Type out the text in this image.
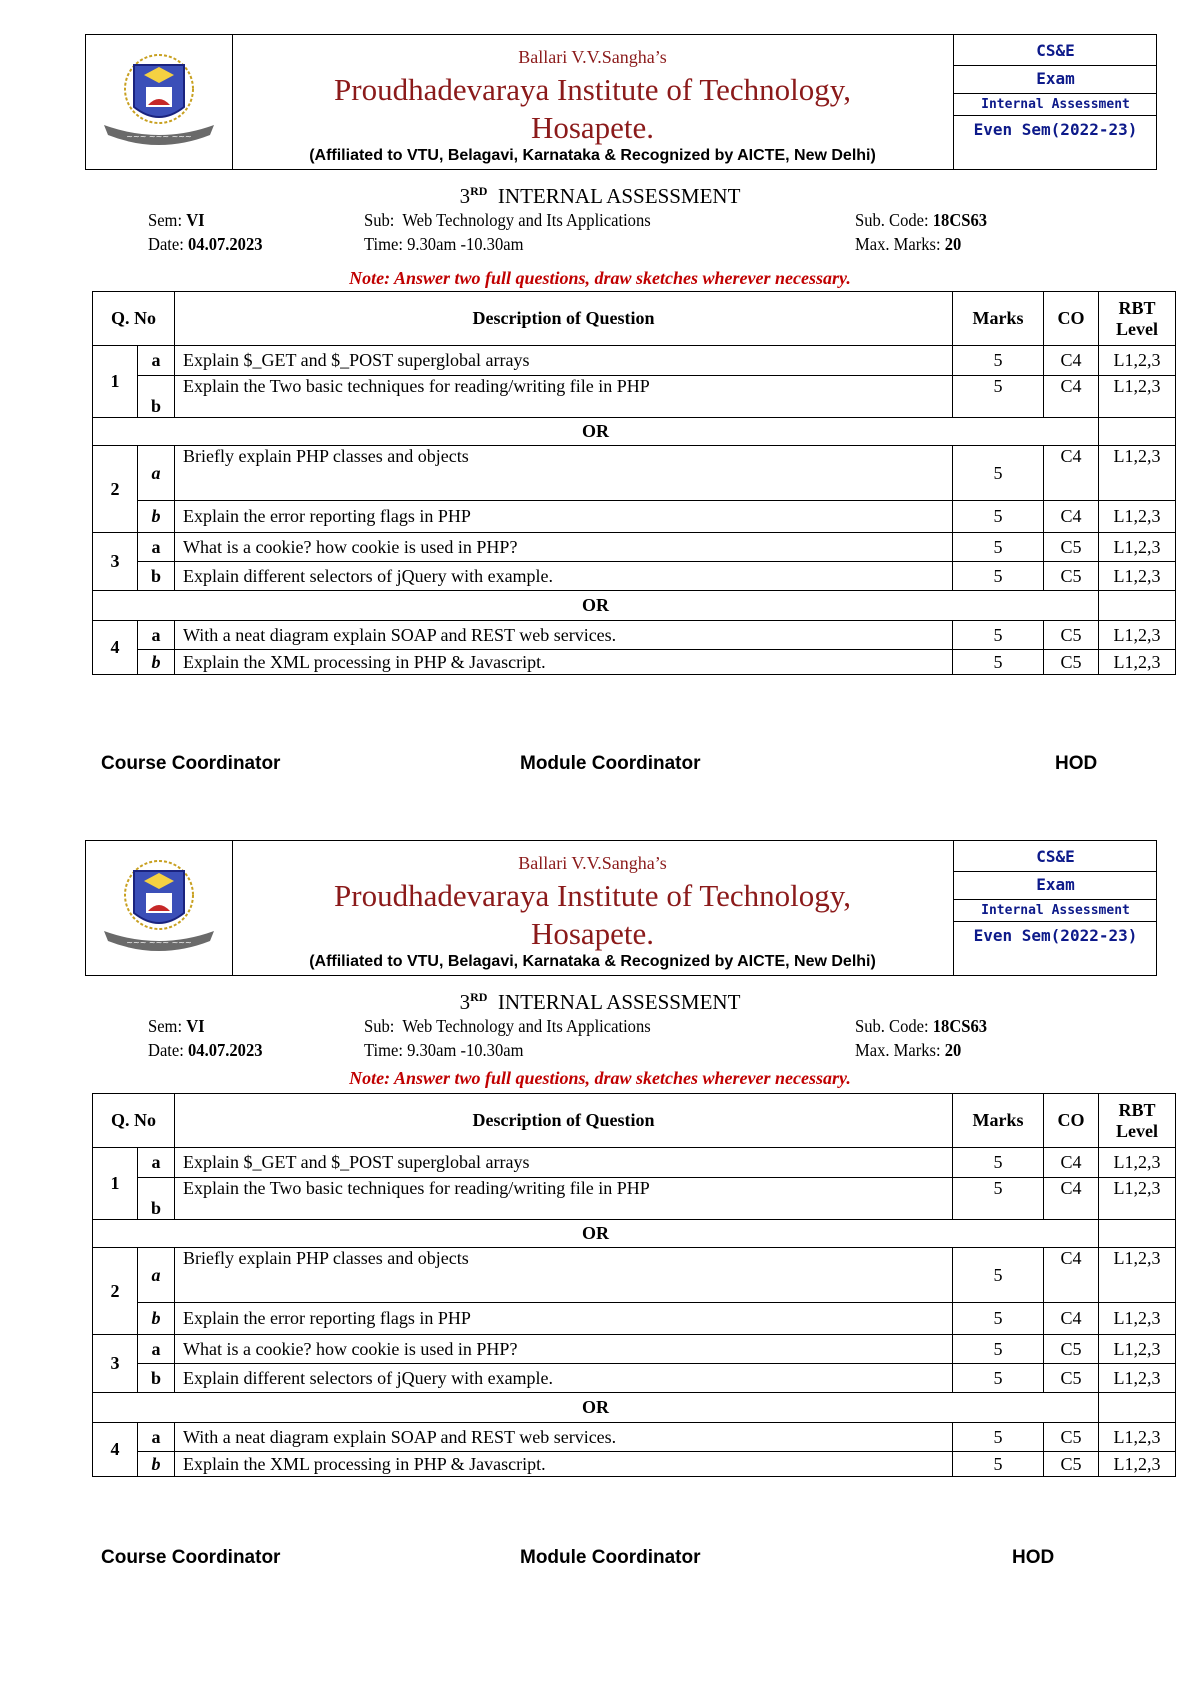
~~~ ~~~ ~~~
Ballari V.V.Sangha’s
Proudhadevaraya Institute of Technology,
Hosapete.
(Affiliated to VTU, Belagavi, Karnataka & Recognized by AICTE, New Delhi)
CS&E
Exam
Internal Assessment
Even Sem(2022-23)
3RD INTERNAL ASSESSMENT
Sem: VI
Date: 04.07.2023
Sub: Web Technology and Its Applications
Time: 9.30am -10.30am
Sub. Code: 18CS63
Max. Marks: 20
Note: Answer two full questions, draw sketches wherever necessary.
Q. No		Description of Question	Marks	CO	RBT Level
1	a	Explain $_GET and $_POST superglobal arrays	5	C4	L1,2,3
	b	Explain the Two basic techniques for reading/writing file in PHP	5	C4	L1,2,3
OR					
2	a	Briefly explain PHP classes and objects	5	C4	L1,2,3
	b	Explain the error reporting flags in PHP	5	C4	L1,2,3
3	a	What is a cookie? how cookie is used in PHP?	5	C5	L1,2,3
	b	Explain different selectors of jQuery with example.	5	C5	L1,2,3
OR					
4	a	With a neat diagram explain SOAP and REST web services.	5	C5	L1,2,3
	b	Explain the XML processing in PHP & Javascript.	5	C5	L1,2,3
Course Coordinator	Module Coordinator	HOD
~~~ ~~~ ~~~
Ballari V.V.Sangha’s
Proudhadevaraya Institute of Technology,
Hosapete.
(Affiliated to VTU, Belagavi, Karnataka & Recognized by AICTE, New Delhi)
CS&E
Exam
Internal Assessment
Even Sem(2022-23)
3RD INTERNAL ASSESSMENT
Sem: VI
Date: 04.07.2023
Sub: Web Technology and Its Applications
Time: 9.30am -10.30am
Sub. Code: 18CS63
Max. Marks: 20
Note: Answer two full questions, draw sketches wherever necessary.
Q. No		Description of Question	Marks	CO	RBT Level
1	a	Explain $_GET and $_POST superglobal arrays	5	C4	L1,2,3
	b	Explain the Two basic techniques for reading/writing file in PHP	5	C4	L1,2,3
OR					
2	a	Briefly explain PHP classes and objects	5	C4	L1,2,3
	b	Explain the error reporting flags in PHP	5	C4	L1,2,3
3	a	What is a cookie? how cookie is used in PHP?	5	C5	L1,2,3
	b	Explain different selectors of jQuery with example.	5	C5	L1,2,3
OR					
4	a	With a neat diagram explain SOAP and REST web services.	5	C5	L1,2,3
	b	Explain the XML processing in PHP & Javascript.	5	C5	L1,2,3
Course Coordinator	Module Coordinator	HOD
